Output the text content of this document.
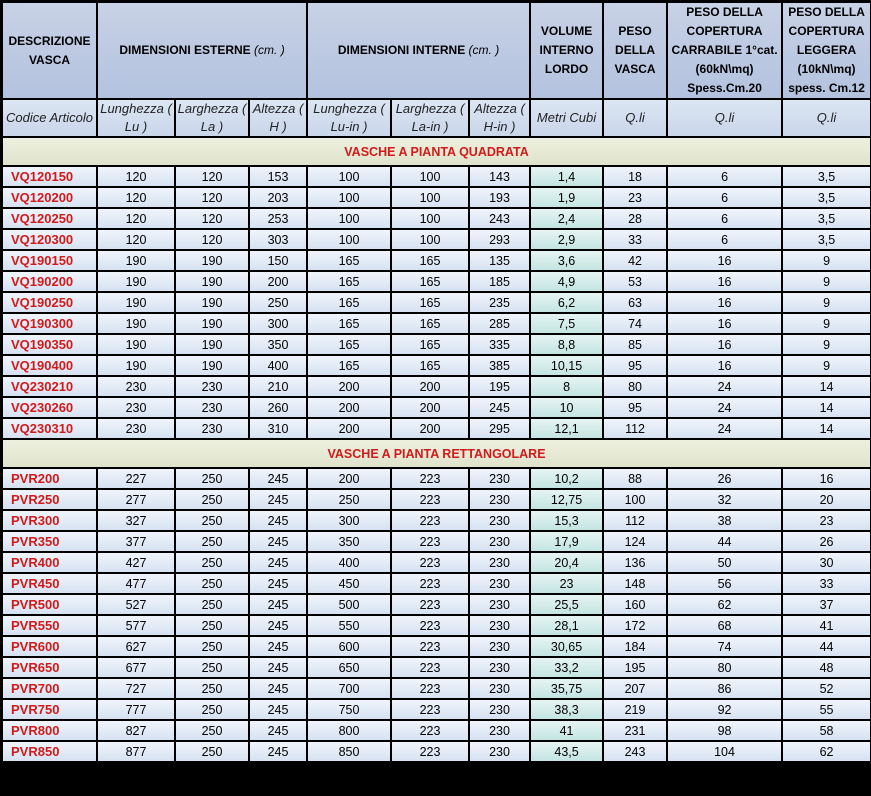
DESCRIZIONE VASCA	DIMENSIONI ESTERNE (cm. )			DIMENSIONI INTERNE (cm. )			VOLUME INTERNO LORDO	PESO DELLA VASCA	PESO DELLA COPERTURA CARRABILE 1°cat. (60kN\mq) Spess.Cm.20	PESO DELLA COPERTURA LEGGERA (10kN\mq) spess. Cm.12
Codice Articolo	Lunghezza ( Lu )	Larghezza ( La )	Altezza ( H )	Lunghezza ( Lu-in )	Larghezza ( La-in )	Altezza ( H-in )	Metri Cubi	Q.li	Q.li	Q.li
VASCHE A PIANTA QUADRATA										
VQ120150	120	120	153	100	100	143	1,4	18	6	3,5
VQ120200	120	120	203	100	100	193	1,9	23	6	3,5
VQ120250	120	120	253	100	100	243	2,4	28	6	3,5
VQ120300	120	120	303	100	100	293	2,9	33	6	3,5
VQ190150	190	190	150	165	165	135	3,6	42	16	9
VQ190200	190	190	200	165	165	185	4,9	53	16	9
VQ190250	190	190	250	165	165	235	6,2	63	16	9
VQ190300	190	190	300	165	165	285	7,5	74	16	9
VQ190350	190	190	350	165	165	335	8,8	85	16	9
VQ190400	190	190	400	165	165	385	10,15	95	16	9
VQ230210	230	230	210	200	200	195	8	80	24	14
VQ230260	230	230	260	200	200	245	10	95	24	14
VQ230310	230	230	310	200	200	295	12,1	112	24	14
VASCHE A PIANTA RETTANGOLARE										
PVR200	227	250	245	200	223	230	10,2	88	26	16
PVR250	277	250	245	250	223	230	12,75	100	32	20
PVR300	327	250	245	300	223	230	15,3	112	38	23
PVR350	377	250	245	350	223	230	17,9	124	44	26
PVR400	427	250	245	400	223	230	20,4	136	50	30
PVR450	477	250	245	450	223	230	23	148	56	33
PVR500	527	250	245	500	223	230	25,5	160	62	37
PVR550	577	250	245	550	223	230	28,1	172	68	41
PVR600	627	250	245	600	223	230	30,65	184	74	44
PVR650	677	250	245	650	223	230	33,2	195	80	48
PVR700	727	250	245	700	223	230	35,75	207	86	52
PVR750	777	250	245	750	223	230	38,3	219	92	55
PVR800	827	250	245	800	223	230	41	231	98	58
PVR850	877	250	245	850	223	230	43,5	243	104	62
